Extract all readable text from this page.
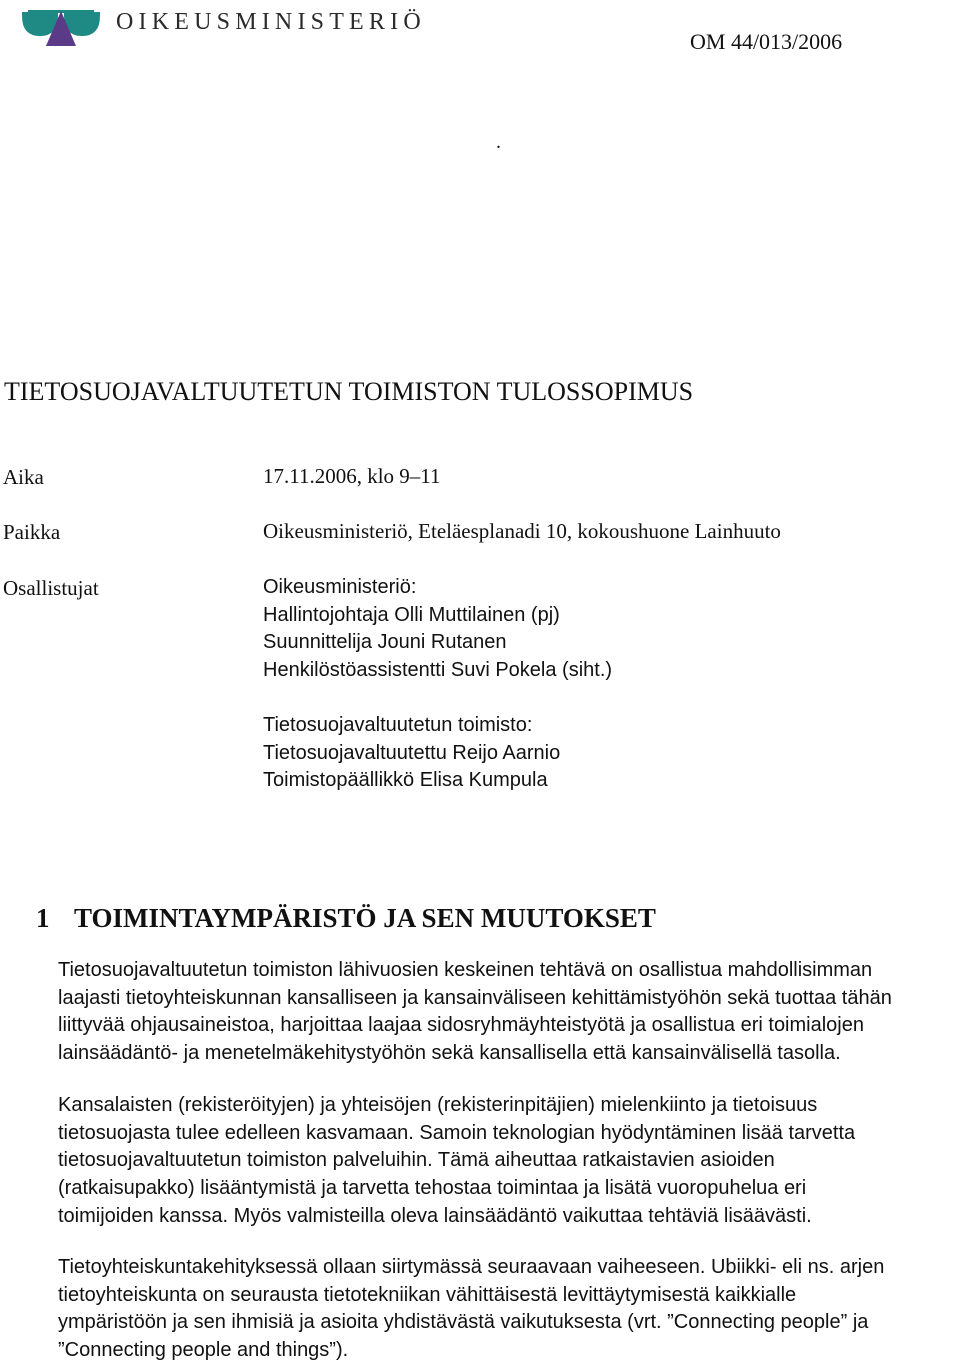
OIKEUSMINISTERIÖ
OM 44/013/2006
.
TIETOSUOJAVALTUUTETUN TOIMISTON TULOSSOPIMUS
Aika	17.11.2006, klo 9–11
Paikka	Oikeusministeriö, Eteläesplanadi 10, kokoushuone Lainhuuto
Osallistujat	Oikeusministeriö:
Hallintojohtaja Olli Muttilainen (pj)
Suunnittelija Jouni Rutanen
Henkilöstöassistentti Suvi Pokela (siht.)
Tietosuojavaltuutetun toimisto:
Tietosuojavaltuutettu Reijo Aarnio
Toimistopäällikkö Elisa Kumpula
1 TOIMINTAYMPÄRISTÖ JA SEN MUUTOKSET

Tietosuojavaltuutetun toimiston lähivuosien keskeinen tehtävä on osallistua mahdollisimman
laajasti tietoyhteiskunnan kansalliseen ja kansainväliseen kehittämistyöhön sekä tuottaa tähän
liittyvää ohjausaineistoa, harjoittaa laajaa sidosryhmäyhteistyötä ja osallistua eri toimialojen
lainsäädäntö- ja menetelmäkehitystyöhön sekä kansallisella että kansainvälisellä tasolla.

Kansalaisten (rekisteröityjen) ja yhteisöjen (rekisterinpitäjien) mielenkiinto ja tietoisuus
tietosuojasta tulee edelleen kasvamaan. Samoin teknologian hyödyntäminen lisää tarvetta
tietosuojavaltuutetun toimiston palveluihin. Tämä aiheuttaa ratkaistavien asioiden
(ratkaisupakko) lisääntymistä ja tarvetta tehostaa toimintaa ja lisätä vuoropuhelua eri
toimijoiden kanssa. Myös valmisteilla oleva lainsäädäntö vaikuttaa tehtäviä lisäävästi.

Tietoyhteiskuntakehityksessä ollaan siirtymässä seuraavaan vaiheeseen. Ubiikki- eli ns. arjen
tietoyhteiskunta on seurausta tietotekniikan vähittäisestä levittäytymisestä kaikkialle
ympäristöön ja sen ihmisiä ja asioita yhdistävästä vaikutuksesta (vrt. ”Connecting people” ja
”Connecting people and things”).
